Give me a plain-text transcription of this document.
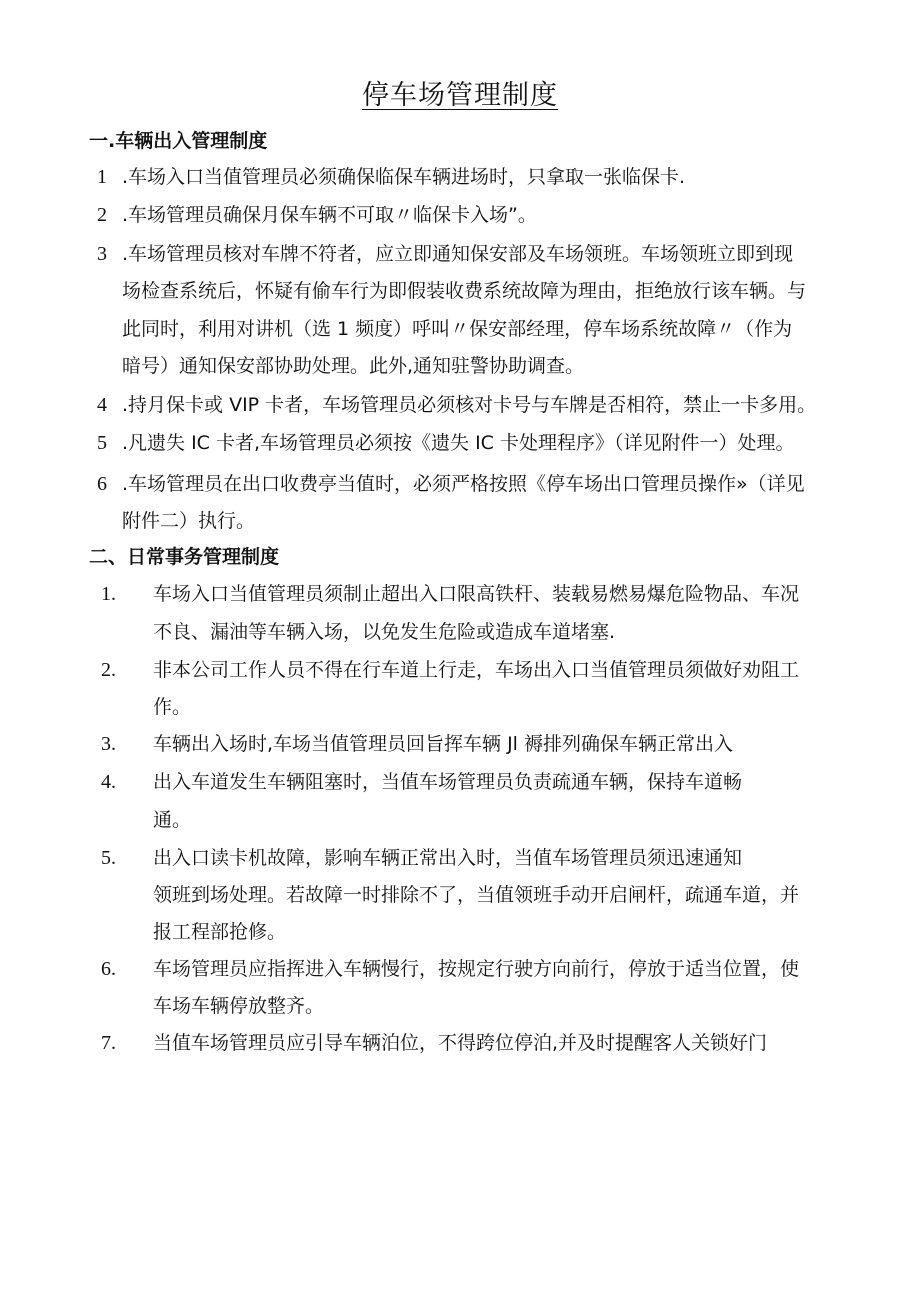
停车场管理制度
一.车辆出入管理制度
1 .车场入口当值管理员必须确保临保车辆进场时，只拿取一张临保卡.
2 .车场管理员确保月保车辆不可取〃临保卡入场”。
3 .车场管理员核对车牌不符者，应立即通知保安部及车场领班。车场领班立即到现
场检查系统后，怀疑有偷车行为即假装收费系统故障为理由，拒绝放行该车辆。与
此同时，利用对讲机（选 1 频度）呼叫〃保安部经理，停车场系统故障〃（作为
暗号）通知保安部协助处理。此外,通知驻警协助调查。
4 .持月保卡或 VIP 卡者，车场管理员必须核对卡号与车牌是否相符，禁止一卡多用。
5 .凡遗失 IC 卡者,车场管理员必须按《遗失 IC 卡处理程序》（详见附件一）处理。
6 .车场管理员在出口收费亭当值时，必须严格按照《停车场出口管理员操作»（详见
附件二）执行。
二、日常事务管理制度
1. 车场入口当值管理员须制止超出入口限高铁杆、装载易燃易爆危险物品、车况
不良、漏油等车辆入场，以免发生危险或造成车道堵塞.
2. 非本公司工作人员不得在行车道上行走，车场出入口当值管理员须做好劝阻工
作。
3. 车辆出入场时,车场当值管理员回旨挥车辆 Jl 褥排列确保车辆正常出入
4. 出入车道发生车辆阻塞时，当值车场管理员负责疏通车辆，保持车道畅
通。
5. 出入口读卡机故障，影响车辆正常出入时，当值车场管理员须迅速通知
领班到场处理。若故障一时排除不了，当值领班手动开启闸杆，疏通车道，并
报工程部抢修。
6. 车场管理员应指挥进入车辆慢行，按规定行驶方向前行，停放于适当位置，使
车场车辆停放整齐。
7. 当值车场管理员应引导车辆泊位，不得跨位停泊,并及时提醒客人关锁好门
